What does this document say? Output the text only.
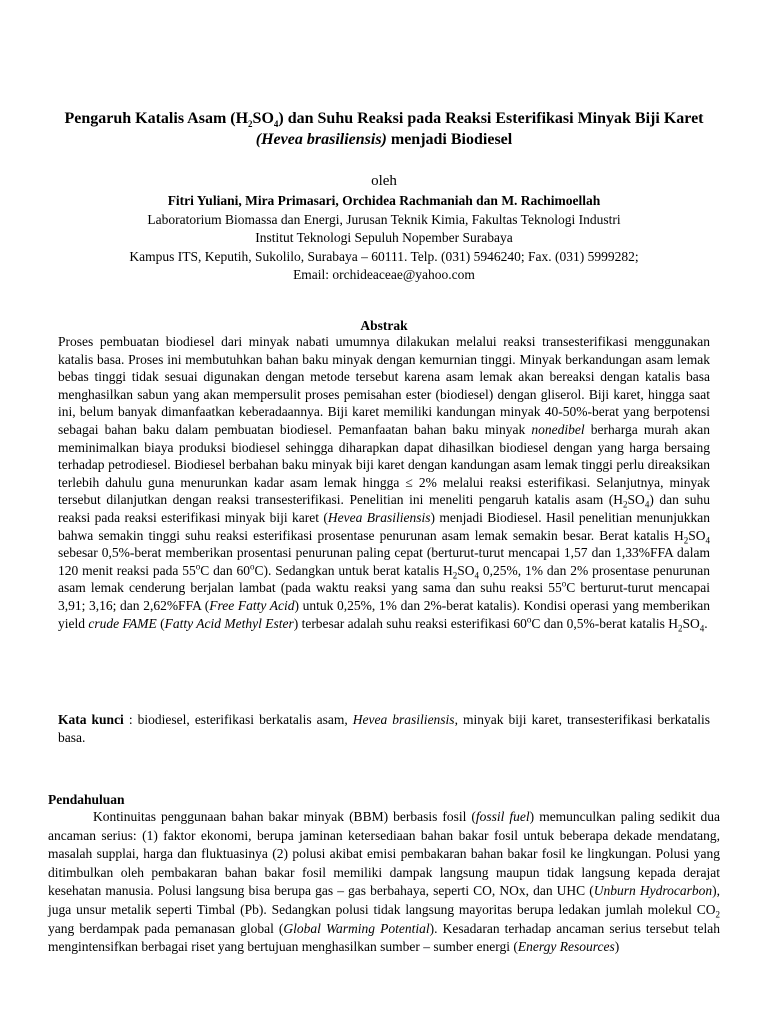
Pengaruh Katalis Asam $(H_2SO_4)$ dan Suhu Reaksi pada Reaksi Esterifikasi Minyak Biji Karet (Hevea brasiliensis) menjadi Biodiesel
oleh
Fitri Yuliani, Mira Primasari, Orchidea Rachmaniah dan M. Rachimoellah
Laboratorium Biomassa dan Energi, Jurusan Teknik Kimia, Fakultas Teknologi Industri
Institut Teknologi Sepuluh Nopember Surabaya
Kampus ITS, Keputih, Sukolilo, Surabaya – 60111. Telp. (031) 5946240; Fax. (031) 5999282;
Email: orchideaceae@yahoo.com
Abstrak
Proses pembuatan biodiesel dari minyak nabati umumnya dilakukan melalui reaksi transesterifikasi menggunakan katalis basa. Proses ini membutuhkan bahan baku minyak dengan kemurnian tinggi. Minyak berkandungan asam lemak bebas tinggi tidak sesuai digunakan dengan metode tersebut karena asam lemak akan bereaksi dengan katalis basa menghasilkan sabun yang akan mempersulit proses pemisahan ester (biodiesel) dengan gliserol. Biji karet, hingga saat ini, belum banyak dimanfaatkan keberadaannya. Biji karet memiliki kandungan minyak 40-50%-berat yang berpotensi sebagai bahan baku dalam pembuatan biodiesel. Pemanfaatan bahan baku minyak nonedibel berharga murah akan meminimalkan biaya produksi biodiesel sehingga diharapkan dapat dihasilkan biodiesel dengan yang harga bersaing terhadap petrodiesel. Biodiesel berbahan baku minyak biji karet dengan kandungan asam lemak tinggi perlu direaksikan terlebih dahulu guna menurunkan kadar asam lemak hingga ≤ 2% melalui reaksi esterifikasi. Selanjutnya, minyak tersebut dilanjutkan dengan reaksi transesterifikasi. Penelitian ini meneliti pengaruh katalis asam $(H_2SO_4)$ dan suhu reaksi pada reaksi esterifikasi minyak biji karet (Hevea Brasiliensis) menjadi Biodiesel. Hasil penelitian menunjukkan bahwa semakin tinggi suhu reaksi esterifikasi prosentase penurunan asam lemak semakin besar. Berat katalis $H_2SO_4$ sebesar 0,5%-berat memberikan prosentasi penurunan paling cepat (berturut-turut mencapai 1,57 dan 1,33%FFA dalam 120 menit reaksi pada 55$^o$C dan 60$^o$C). Sedangkan untuk berat katalis $H_2SO_4$ 0,25%, 1% dan 2% prosentase penurunan asam lemak cenderung berjalan lambat (pada waktu reaksi yang sama dan suhu reaksi 55$^o$C berturut-turut mencapai 3,91; 3,16; dan 2,62%FFA (Free Fatty Acid) untuk 0,25%, 1% dan 2%-berat katalis). Kondisi operasi yang memberikan yield crude FAME (Fatty Acid Methyl Ester) terbesar adalah suhu reaksi esterifikasi 60$^o$C dan 0,5%-berat katalis $H_2SO_4$.
Kata kunci : biodiesel, esterifikasi berkatalis asam, Hevea brasiliensis, minyak biji karet, transesterifikasi berkatalis basa.
Pendahuluan
Kontinuitas penggunaan bahan bakar minyak (BBM) berbasis fosil (fossil fuel) memunculkan paling sedikit dua ancaman serius: (1) faktor ekonomi, berupa jaminan ketersediaan bahan bakar fosil untuk beberapa dekade mendatang, masalah supplai, harga dan fluktuasinya (2) polusi akibat emisi pembakaran bahan bakar fosil ke lingkungan. Polusi yang ditimbulkan oleh pembakaran bahan bakar fosil memiliki dampak langsung maupun tidak langsung kepada derajat kesehatan manusia. Polusi langsung bisa berupa gas – gas berbahaya, seperti CO, NOx, dan UHC (Unburn Hydrocarbon), juga unsur metalik seperti Timbal (Pb). Sedangkan polusi tidak langsung mayoritas berupa ledakan jumlah molekul $CO_2$ yang berdampak pada pemanasan global (Global Warming Potential). Kesadaran terhadap ancaman serius tersebut telah mengintensifkan berbagai riset yang bertujuan menghasilkan sumber – sumber energi (Energy Resources)
